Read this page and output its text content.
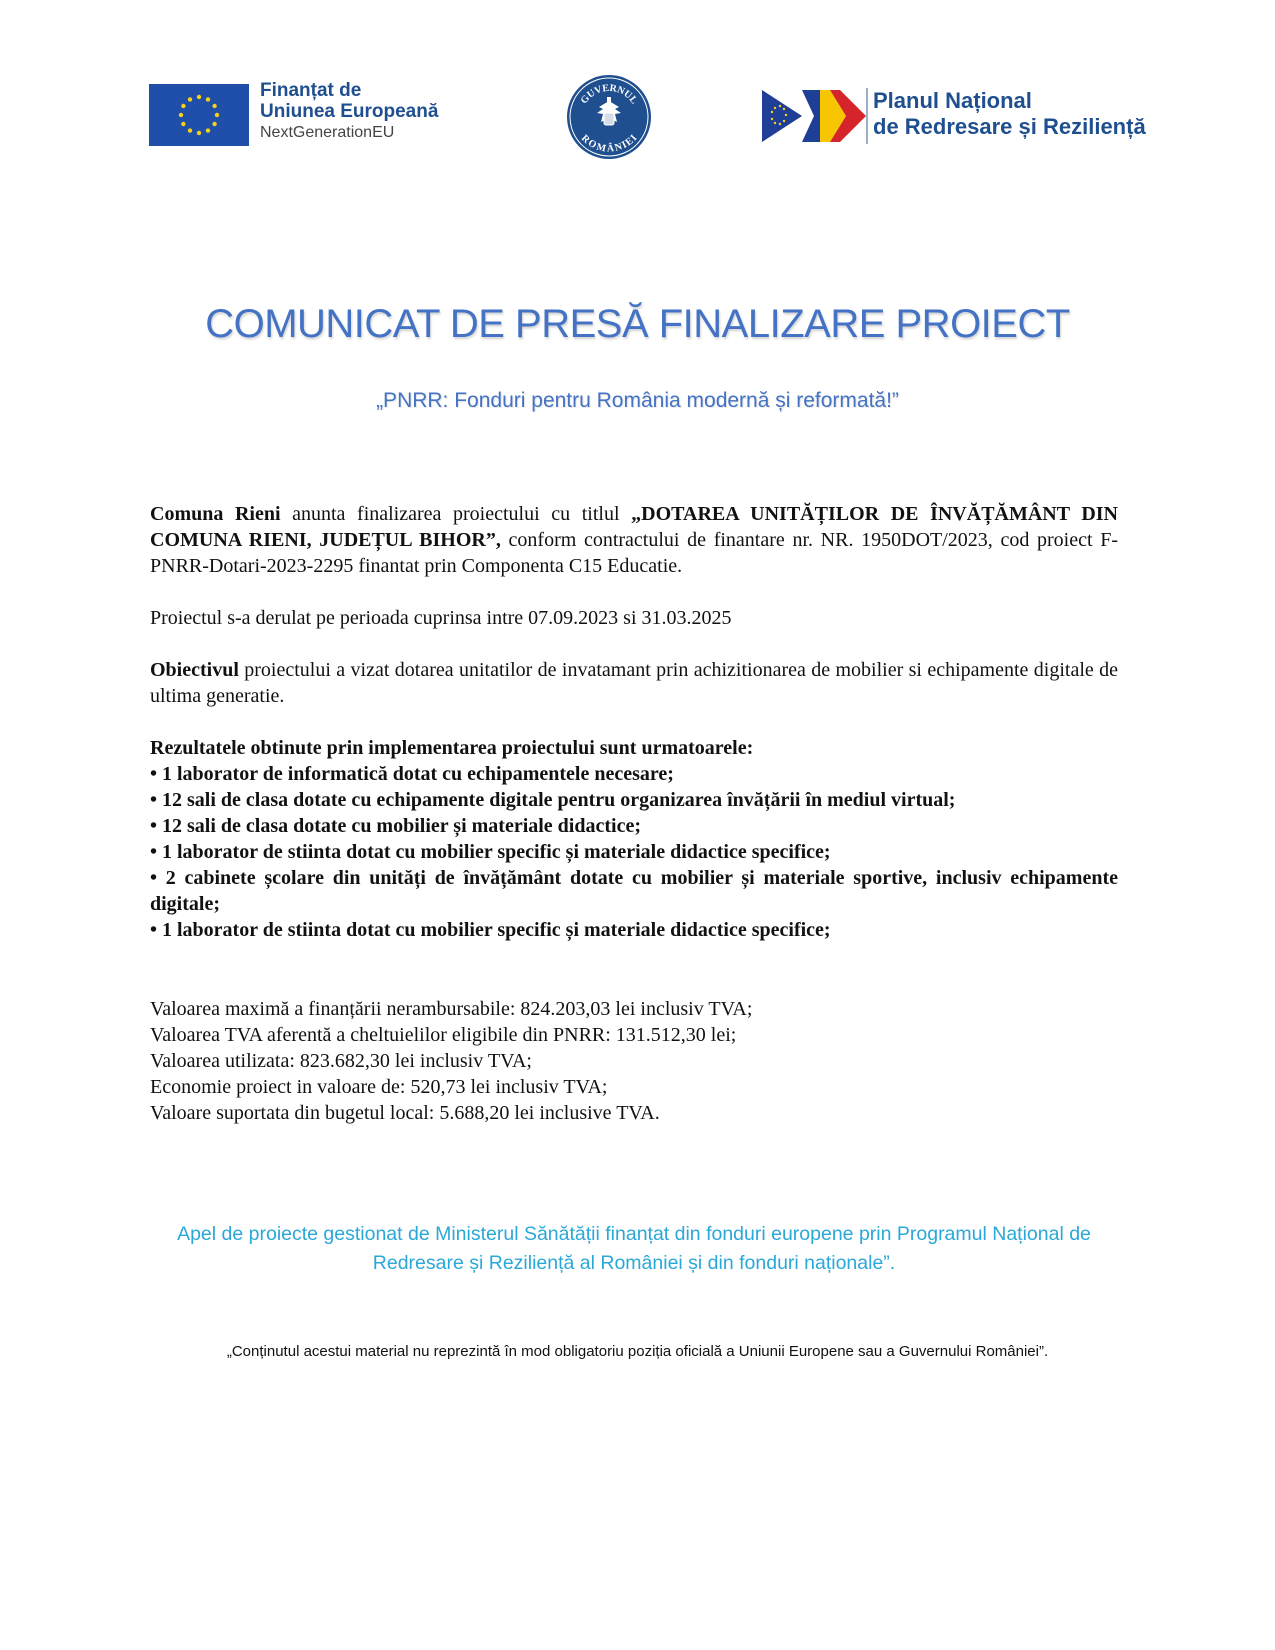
Finanțat de
Uniunea Europeană
NextGenerationEU
GUVERNUL
ROMÂNIEI
Planul Național
de Redresare și Reziliență
COMUNICAT DE PRESĂ FINALIZARE PROIECT
„PNRR: Fonduri pentru România modernă și reformată!”
Comuna Rieni anunta finalizarea proiectului cu titlul „DOTAREA UNITĂȚILOR DE ÎNVĂȚĂMÂNT DIN COMUNA RIENI, JUDEȚUL BIHOR”, conform contractului de finantare nr. NR. 1950DOT/2023, cod proiect F-PNRR-Dotari-2023-2295 finantat prin Componenta C15 Educatie.
Proiectul s-a derulat pe perioada cuprinsa intre 07.09.2023 si 31.03.2025
Obiectivul proiectului a vizat dotarea unitatilor de invatamant prin achizitionarea de mobilier si echipamente digitale de ultima generatie.
Rezultatele obtinute prin implementarea proiectului sunt urmatoarele:
• 1 laborator de informatică dotat cu echipamentele necesare;
• 12 sali de clasa dotate cu echipamente digitale pentru organizarea învățării în mediul virtual;
• 12 sali de clasa dotate cu mobilier și materiale didactice;
• 1 laborator de stiinta dotat cu mobilier specific și materiale didactice specifice;
• 2 cabinete școlare din unități de învățământ dotate cu mobilier și materiale sportive, inclusiv echipamente digitale;
• 1 laborator de stiinta dotat cu mobilier specific și materiale didactice specifice;
Valoarea maximă a finanțării nerambursabile: 824.203,03 lei inclusiv TVA;
Valoarea TVA aferentă a cheltuielilor eligibile din PNRR: 131.512,30 lei;
Valoarea utilizata: 823.682,30 lei inclusiv TVA;
Economie proiect in valoare de: 520,73 lei inclusiv TVA;
Valoare suportata din bugetul local: 5.688,20 lei inclusive TVA.
Apel de proiecte gestionat de Ministerul Sănătății finanțat din fonduri europene prin Programul Național de Redresare și Reziliență al României și din fonduri naționale”.
„Conținutul acestui material nu reprezintă în mod obligatoriu poziția oficială a Uniunii Europene sau a Guvernului României”.
